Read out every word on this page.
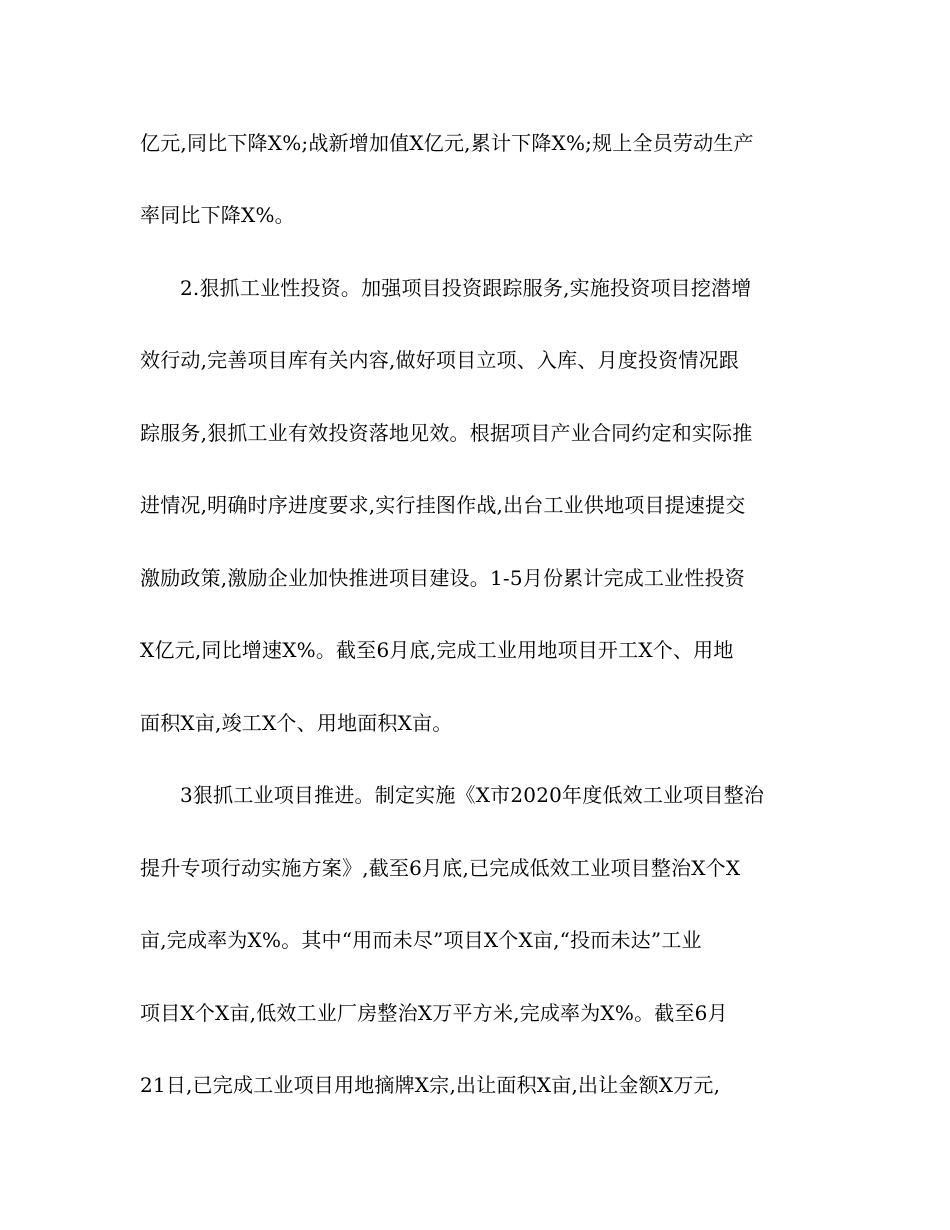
亿元,同比下降X%;战新增加值X亿元,累计下降X%;规上全员劳动生产
率同比下降X%。
2.狠抓工业性投资。加强项目投资跟踪服务,实施投资项目挖潜增
效行动,完善项目库有关内容,做好项目立项、入库、月度投资情况跟
踪服务,狠抓工业有效投资落地见效。根据项目产业合同约定和实际推
进情况,明确时序进度要求,实行挂图作战,出台工业供地项目提速提交
激励政策,激励企业加快推进项目建设。1-5月份累计完成工业性投资
X亿元,同比增速X%。截至6月底,完成工业用地项目开工X个、用地
面积X亩,竣工X个、用地面积X亩。
3狠抓工业项目推进。制定实施《X市2020年度低效工业项目整治
提升专项行动实施方案》,截至6月底,已完成低效工业项目整治X个X
亩,完成率为X%。其中“用而未尽”项目X个X亩,“投而未达”工业
项目X个X亩,低效工业厂房整治X万平方米,完成率为X%。截至6月
21日,已完成工业项目用地摘牌X宗,出让面积X亩,出让金额X万元,
